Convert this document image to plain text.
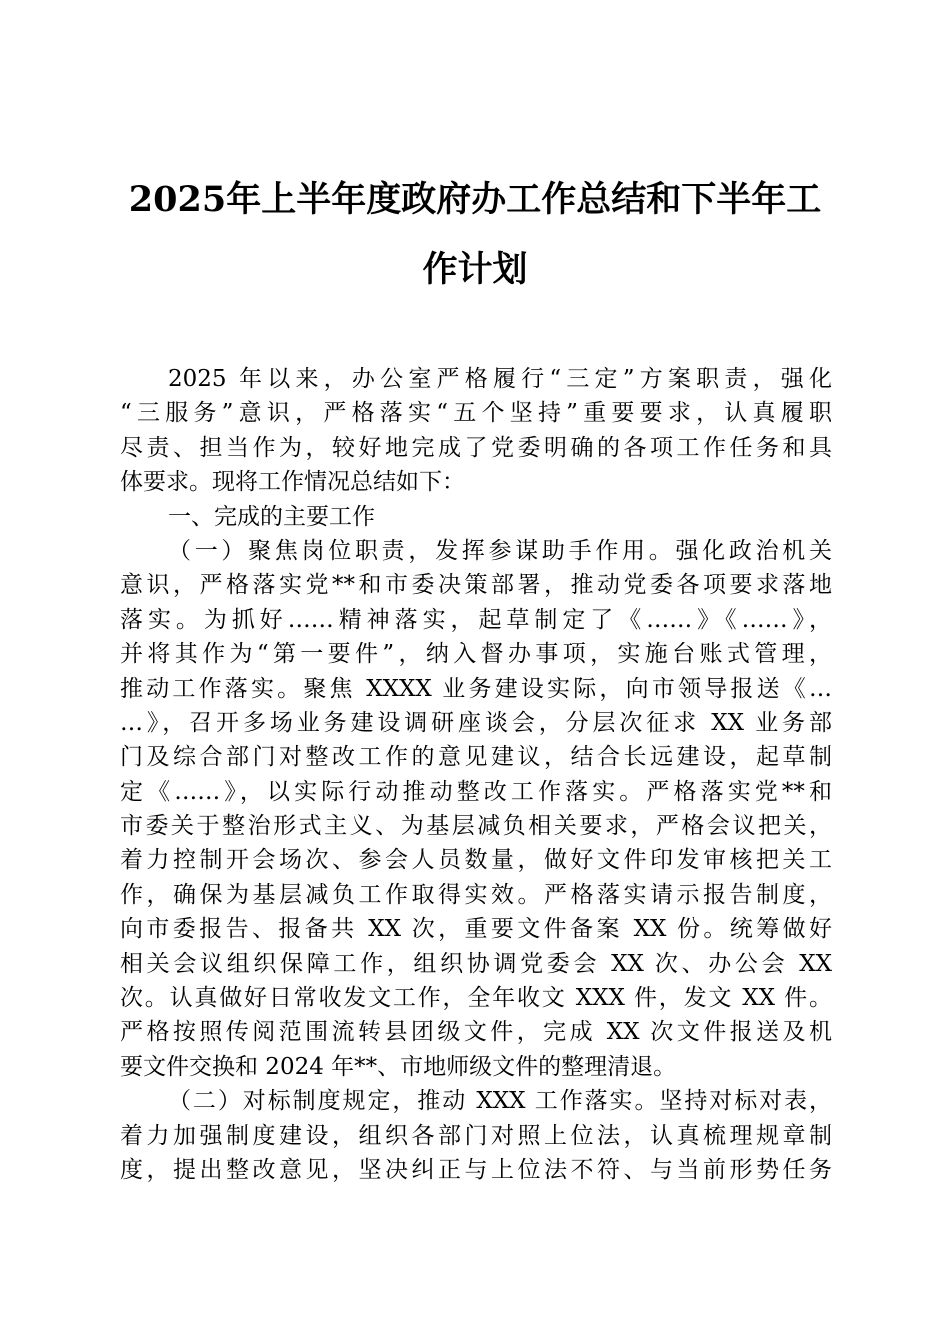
2025年上半年度政府办工作总结和下半年工
作计划
2025 年以来，办公室严格履行“三定”方案职责，强化
“三服务”意识，严格落实“五个坚持”重要要求，认真履职
尽责、担当作为，较好地完成了党委明确的各项工作任务和具
体要求。现将工作情况总结如下：
一、完成的主要工作
（一）聚焦岗位职责，发挥参谋助手作用。强化政治机关
意识，严格落实党**和市委决策部署，推动党委各项要求落地
落实。为抓好……精神落实，起草制定了《……》《……》，
并将其作为“第一要件”，纳入督办事项，实施台账式管理，
推动工作落实。聚焦 XXXX 业务建设实际，向市领导报送《…
…》，召开多场业务建设调研座谈会，分层次征求 XX 业务部
门及综合部门对整改工作的意见建议，结合长远建设，起草制
定《……》，以实际行动推动整改工作落实。严格落实党**和
市委关于整治形式主义、为基层减负相关要求，严格会议把关，
着力控制开会场次、参会人员数量，做好文件印发审核把关工
作，确保为基层减负工作取得实效。严格落实请示报告制度，
向市委报告、报备共 XX 次，重要文件备案 XX 份。统筹做好
相关会议组织保障工作，组织协调党委会 XX 次、办公会 XX
次。认真做好日常收发文工作，全年收文 XXX 件，发文 XX 件。
严格按照传阅范围流转县团级文件，完成 XX 次文件报送及机
要文件交换和 2024 年**、市地师级文件的整理清退。
（二）对标制度规定，推动 XXX 工作落实。坚持对标对表，
着力加强制度建设，组织各部门对照上位法，认真梳理规章制
度，提出整改意见，坚决纠正与上位法不符、与当前形势任务
